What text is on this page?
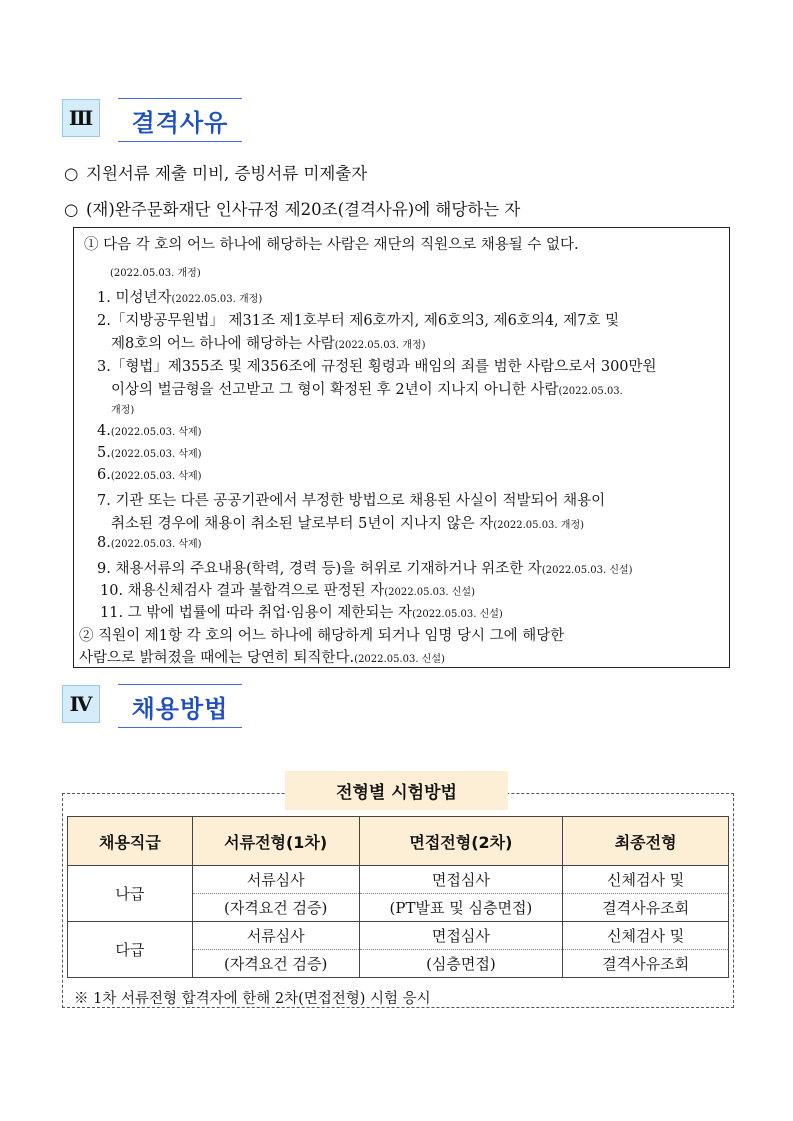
Ⅲ	결격사유
○ 지원서류 제출 미비, 증빙서류 미제출자
○ (재)완주문화재단 인사규정 제20조(결격사유)에 해당하는 자
① 다음 각 호의 어느 하나에 해당하는 사람은 재단의 직원으로 채용될 수 없다.
(2022.05.03. 개정)
1. 미성년자(2022.05.03. 개정)
2.「지방공무원법」 제31조 제1호부터 제6호까지, 제6호의3, 제6호의4, 제7호 및
제8호의 어느 하나에 해당하는 사람(2022.05.03. 개정)
3.「형법」제355조 및 제356조에 규정된 횡령과 배임의 죄를 범한 사람으로서 300만원
이상의 벌금형을 선고받고 그 형이 확정된 후 2년이 지나지 아니한 사람(2022.05.03.
개정)
4.(2022.05.03. 삭제)
5.(2022.05.03. 삭제)
6.(2022.05.03. 삭제)
7. 기관 또는 다른 공공기관에서 부정한 방법으로 채용된 사실이 적발되어 채용이
취소된 경우에 채용이 취소된 날로부터 5년이 지나지 않은 자(2022.05.03. 개정)
8.(2022.05.03. 삭제)
9. 채용서류의 주요내용(학력, 경력 등)을 허위로 기재하거나 위조한 자(2022.05.03. 신설)
10. 채용신체검사 결과 불합격으로 판정된 자(2022.05.03. 신설)
11. 그 밖에 법률에 따라 취업·임용이 제한되는 자(2022.05.03. 신설)
② 직원이 제1항 각 호의 어느 하나에 해당하게 되거나 임명 당시 그에 해당한
사람으로 밝혀졌을 때에는 당연히 퇴직한다.(2022.05.03. 신설)
Ⅳ	채용방법
전형별 시험방법
채용직급	서류전형(1차)	면접전형(2차)	최종전형
나급	서류심사	면접심사	신체검사 및
	(자격요건 검증)	(PT발표 및 심층면접)	결격사유조회
다급	서류심사	면접심사	신체검사 및
	(자격요건 검증)	(심층면접)	결격사유조회
※ 1차 서류전형 합격자에 한해 2차(면접전형) 시험 응시
